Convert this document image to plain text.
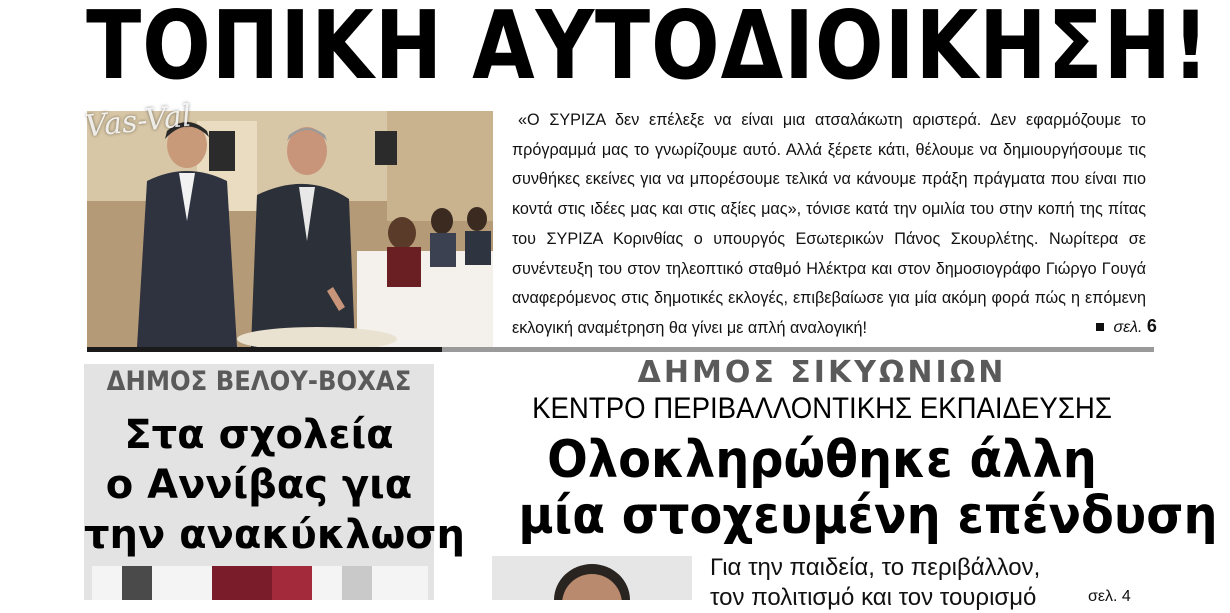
ΤΟΠΙΚΗ ΑΥΤΟΔΙΟΙΚΗΣΗ!
Vas-Val	«Ο ΣΥΡΙΖΑ δεν επέλεξε να είναι μια ατσαλάκωτη αριστερά. Δεν εφαρμόζουμε το πρόγραμμά μας το γνωρίζουμε αυτό. Αλλά ξέρετε κάτι, θέλουμε να δημιουργήσουμε τις συνθήκες εκείνες για να μπορέσουμε τελικά να κάνουμε πράξη πράγματα που είναι πιο κοντά στις ιδέες μας και στις αξίες μας», τόνισε κατά την ομιλία του στην κοπή της πίτας του ΣΥΡΙΖΑ Κορινθίας ο υπουργός Εσωτερικών Πάνος Σκουρλέτης. Νωρίτερα σε συνέντευξη του στον τηλεοπτικό σταθμό Ηλέκτρα και στον δημοσιογράφο Γιώργο Γουγά αναφερόμενος στις δημοτικές εκλογές, επιβεβαίωσε για μία ακόμη φορά πώς η επόμενη εκλογική αναμέτρηση θα γίνει με απλή αναλογική!	σελ. 6
ΔΗΜΟΣ ΒΕΛΟΥ-ΒΟΧΑΣ
Στα σχολεία
ο Αννίβας για
την ανακύκλωση
ΔΗΜΟΣ ΣΙΚΥΩΝΙΩΝ
ΚΕΝΤΡΟ ΠΕΡΙΒΑΛΛΟΝΤΙΚΗΣ ΕΚΠΑΙΔΕΥΣΗΣ
Ολοκληρώθηκε άλλη
μία στοχευμένη επένδυση
Για την παιδεία, το περιβάλλον,
τον πολιτισμό και τον τουρισμό	σελ. 4
